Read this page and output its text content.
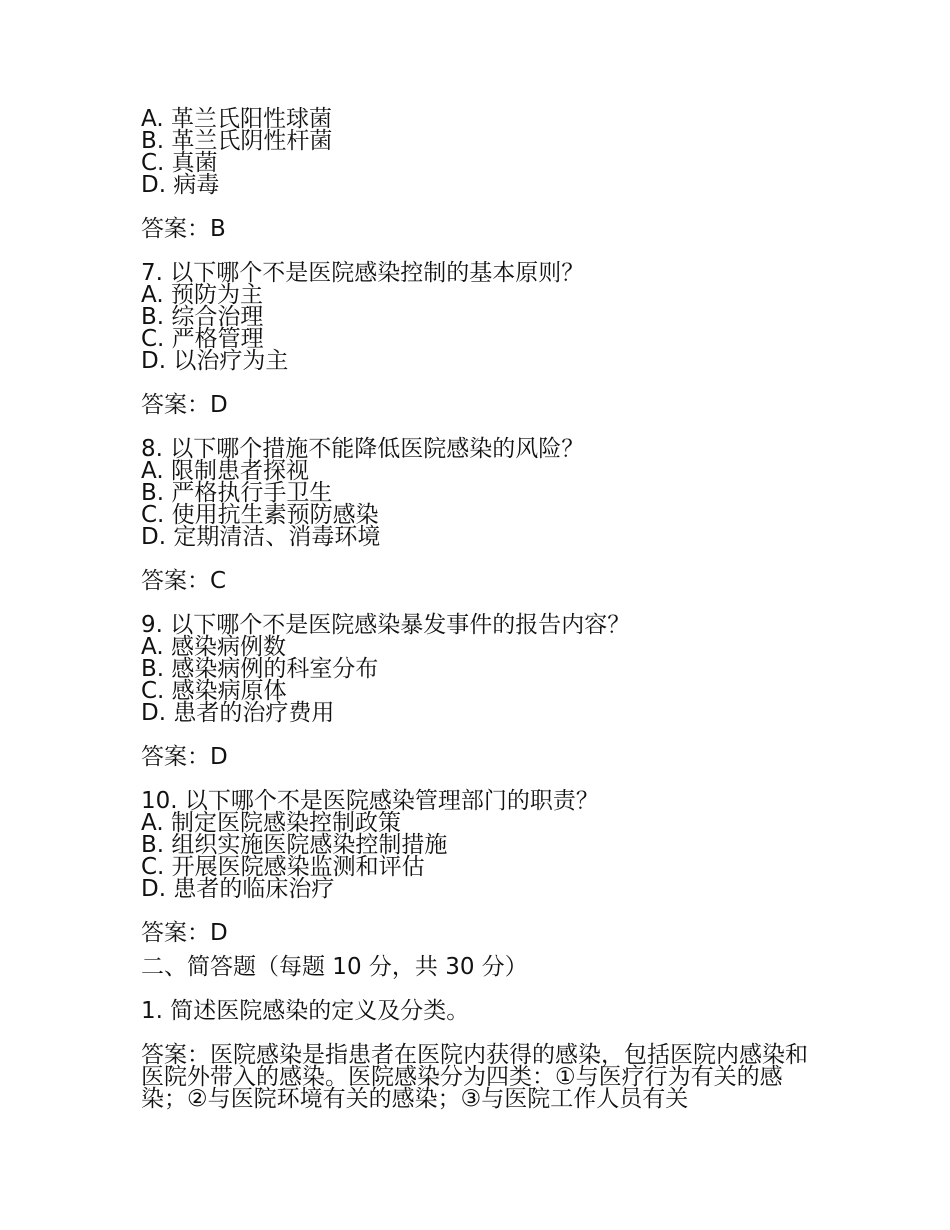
A. 革兰氏阳性球菌
B. 革兰氏阴性杆菌
C. 真菌
D. 病毒
答案：B
7. 以下哪个不是医院感染控制的基本原则？
A. 预防为主
B. 综合治理
C. 严格管理
D. 以治疗为主
答案：D
8. 以下哪个措施不能降低医院感染的风险？
A. 限制患者探视
B. 严格执行手卫生
C. 使用抗生素预防感染
D. 定期清洁、消毒环境
答案：C
9. 以下哪个不是医院感染暴发事件的报告内容？
A. 感染病例数
B. 感染病例的科室分布
C. 感染病原体
D. 患者的治疗费用
答案：D
10. 以下哪个不是医院感染管理部门的职责？
A. 制定医院感染控制政策
B. 组织实施医院感染控制措施
C. 开展医院感染监测和评估
D. 患者的临床治疗
答案：D
二、简答题（每题 10 分，共 30 分）
1. 简述医院感染的定义及分类。
答案：医院感染是指患者在医院内获得的感染，包括医院内感染和医院外带入的感染。医院感染分为四类：①与医疗行为有关的感染；②与医院环境有关的感染；③与医院工作人员有关
